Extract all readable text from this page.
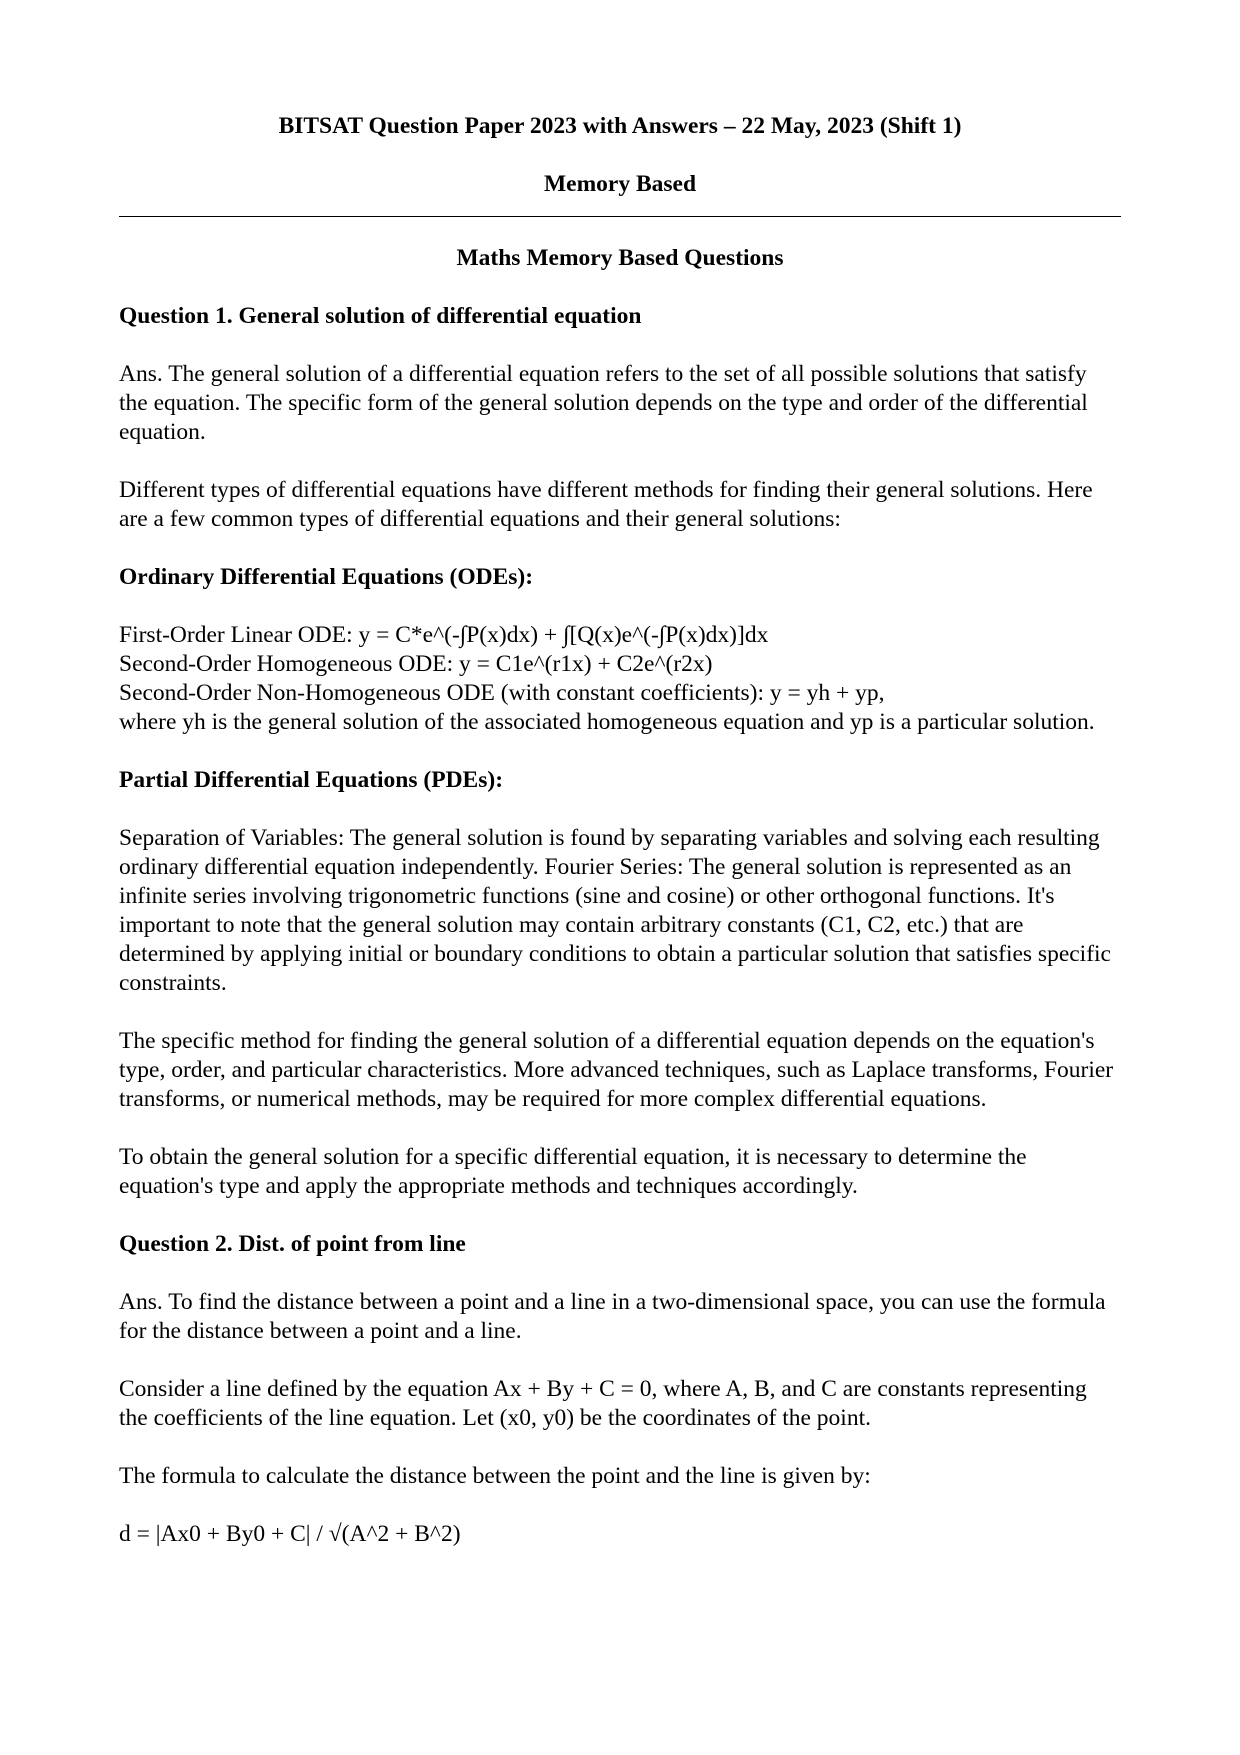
BITSAT Question Paper 2023 with Answers – 22 May, 2023 (Shift 1)

Memory Based

Maths Memory Based Questions

Question 1. General solution of differential equation

Ans. The general solution of a differential equation refers to the set of all possible solutions that satisfy the equation. The specific form of the general solution depends on the type and order of the differential equation.

Different types of differential equations have different methods for finding their general solutions. Here are a few common types of differential equations and their general solutions:

Ordinary Differential Equations (ODEs):

First-Order Linear ODE: y = C*e^(-∫P(x)dx) + ∫[Q(x)e^(-∫P(x)dx)]dx
Second-Order Homogeneous ODE: y = C1e^(r1x) + C2e^(r2x)
Second-Order Non-Homogeneous ODE (with constant coefficients): y = yh + yp,
where yh is the general solution of the associated homogeneous equation and yp is a particular solution.

Partial Differential Equations (PDEs):

Separation of Variables: The general solution is found by separating variables and solving each resulting ordinary differential equation independently. Fourier Series: The general solution is represented as an infinite series involving trigonometric functions (sine and cosine) or other orthogonal functions. It's important to note that the general solution may contain arbitrary constants (C1, C2, etc.) that are determined by applying initial or boundary conditions to obtain a particular solution that satisfies specific constraints.

The specific method for finding the general solution of a differential equation depends on the equation's type, order, and particular characteristics. More advanced techniques, such as Laplace transforms, Fourier transforms, or numerical methods, may be required for more complex differential equations.

To obtain the general solution for a specific differential equation, it is necessary to determine the equation's type and apply the appropriate methods and techniques accordingly.

Question 2. Dist. of point from line

Ans. To find the distance between a point and a line in a two-dimensional space, you can use the formula for the distance between a point and a line.

Consider a line defined by the equation Ax + By + C = 0, where A, B, and C are constants representing the coefficients of the line equation. Let (x0, y0) be the coordinates of the point.

The formula to calculate the distance between the point and the line is given by:

d = |Ax0 + By0 + C| / √(A^2 + B^2)
